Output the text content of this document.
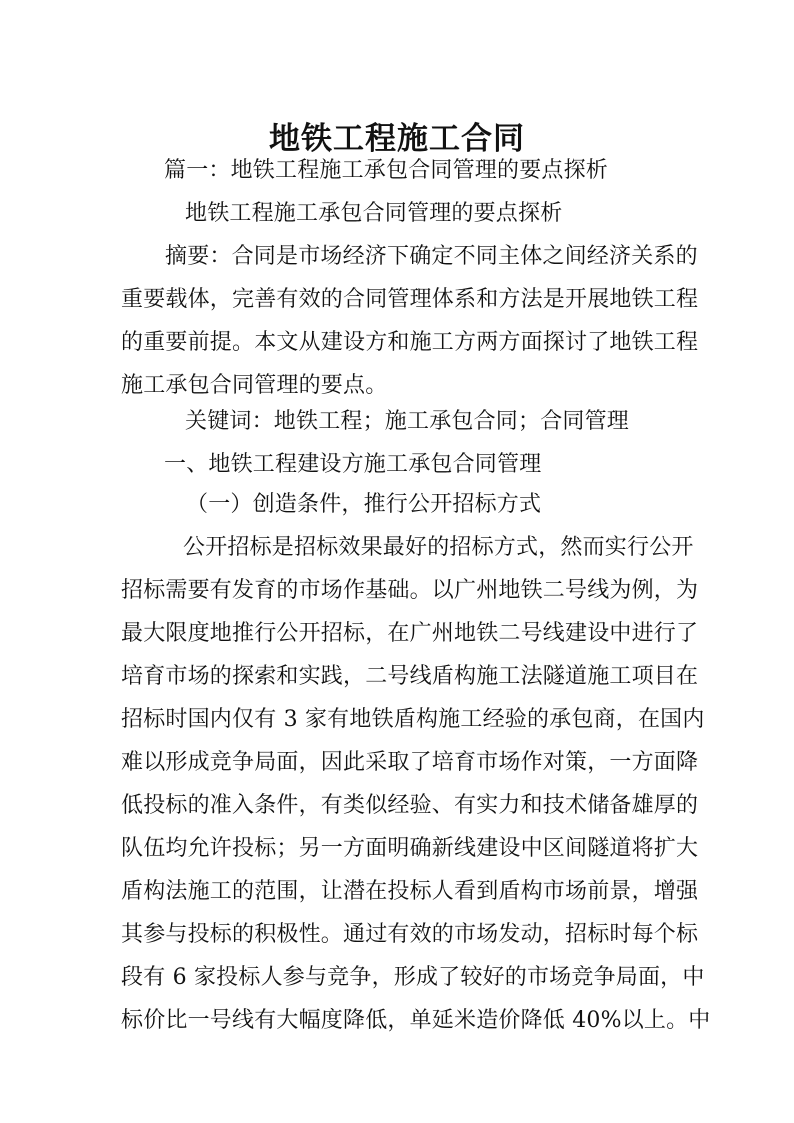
地铁工程施工合同
篇一：地铁工程施工承包合同管理的要点探析
地铁工程施工承包合同管理的要点探析
摘要：合同是市场经济下确定不同主体之间经济关系的
重要载体，完善有效的合同管理体系和方法是开展地铁工程
的重要前提。本文从建设方和施工方两方面探讨了地铁工程
施工承包合同管理的要点。
关键词：地铁工程；施工承包合同；合同管理
一、地铁工程建设方施工承包合同管理
（一）创造条件，推行公开招标方式
公开招标是招标效果最好的招标方式，然而实行公开
招标需要有发育的市场作基础。以广州地铁二号线为例，为
最大限度地推行公开招标，在广州地铁二号线建设中进行了
培育市场的探索和实践，二号线盾构施工法隧道施工项目在
招标时国内仅有 3 家有地铁盾构施工经验的承包商，在国内
难以形成竞争局面，因此采取了培育市场作对策，一方面降
低投标的准入条件，有类似经验、有实力和技术储备雄厚的
队伍均允许投标；另一方面明确新线建设中区间隧道将扩大
盾构法施工的范围，让潜在投标人看到盾构市场前景，增强
其参与投标的积极性。通过有效的市场发动，招标时每个标
段有 6 家投标人参与竞争，形成了较好的市场竞争局面，中
标价比一号线有大幅度降低，单延米造价降低 40%以上。中
